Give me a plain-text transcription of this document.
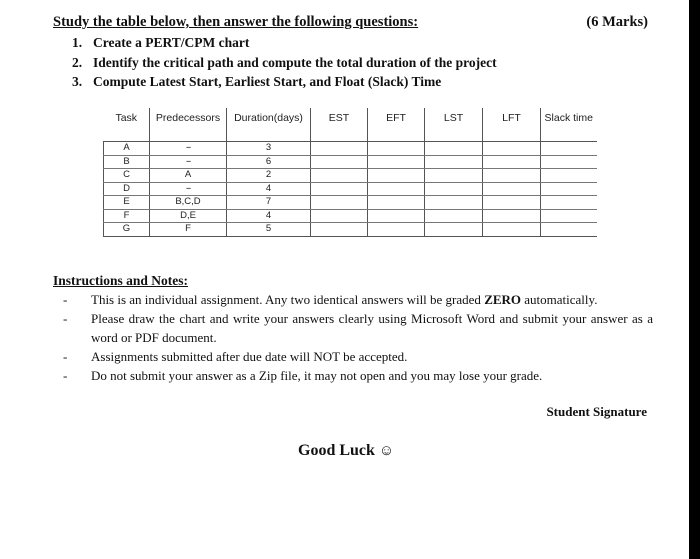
Study the table below, then answer the following questions:	(6 Marks)
1. Create a PERT/CPM chart
2. Identify the critical path and compute the total duration of the project
3. Compute Latest Start, Earliest Start, and Float (Slack) Time
Task	Predecessors	Duration(days)	EST	EFT	LST	LFT	Slack time
A	--	3					
B	--	6					
C	A	2					
D	--	4					
E	B,C,D	7					
F	D,E	4					
G	F	5					
Instructions and Notes:
- This is an individual assignment. Any two identical answers will be graded ZERO automatically.
- Please draw the chart and write your answers clearly using Microsoft Word and submit your answer as a word or PDF document.
- Assignments submitted after due date will NOT be accepted.
- Do not submit your answer as a Zip file, it may not open and you may lose your grade.
Student Signature
Good Luck ☺
